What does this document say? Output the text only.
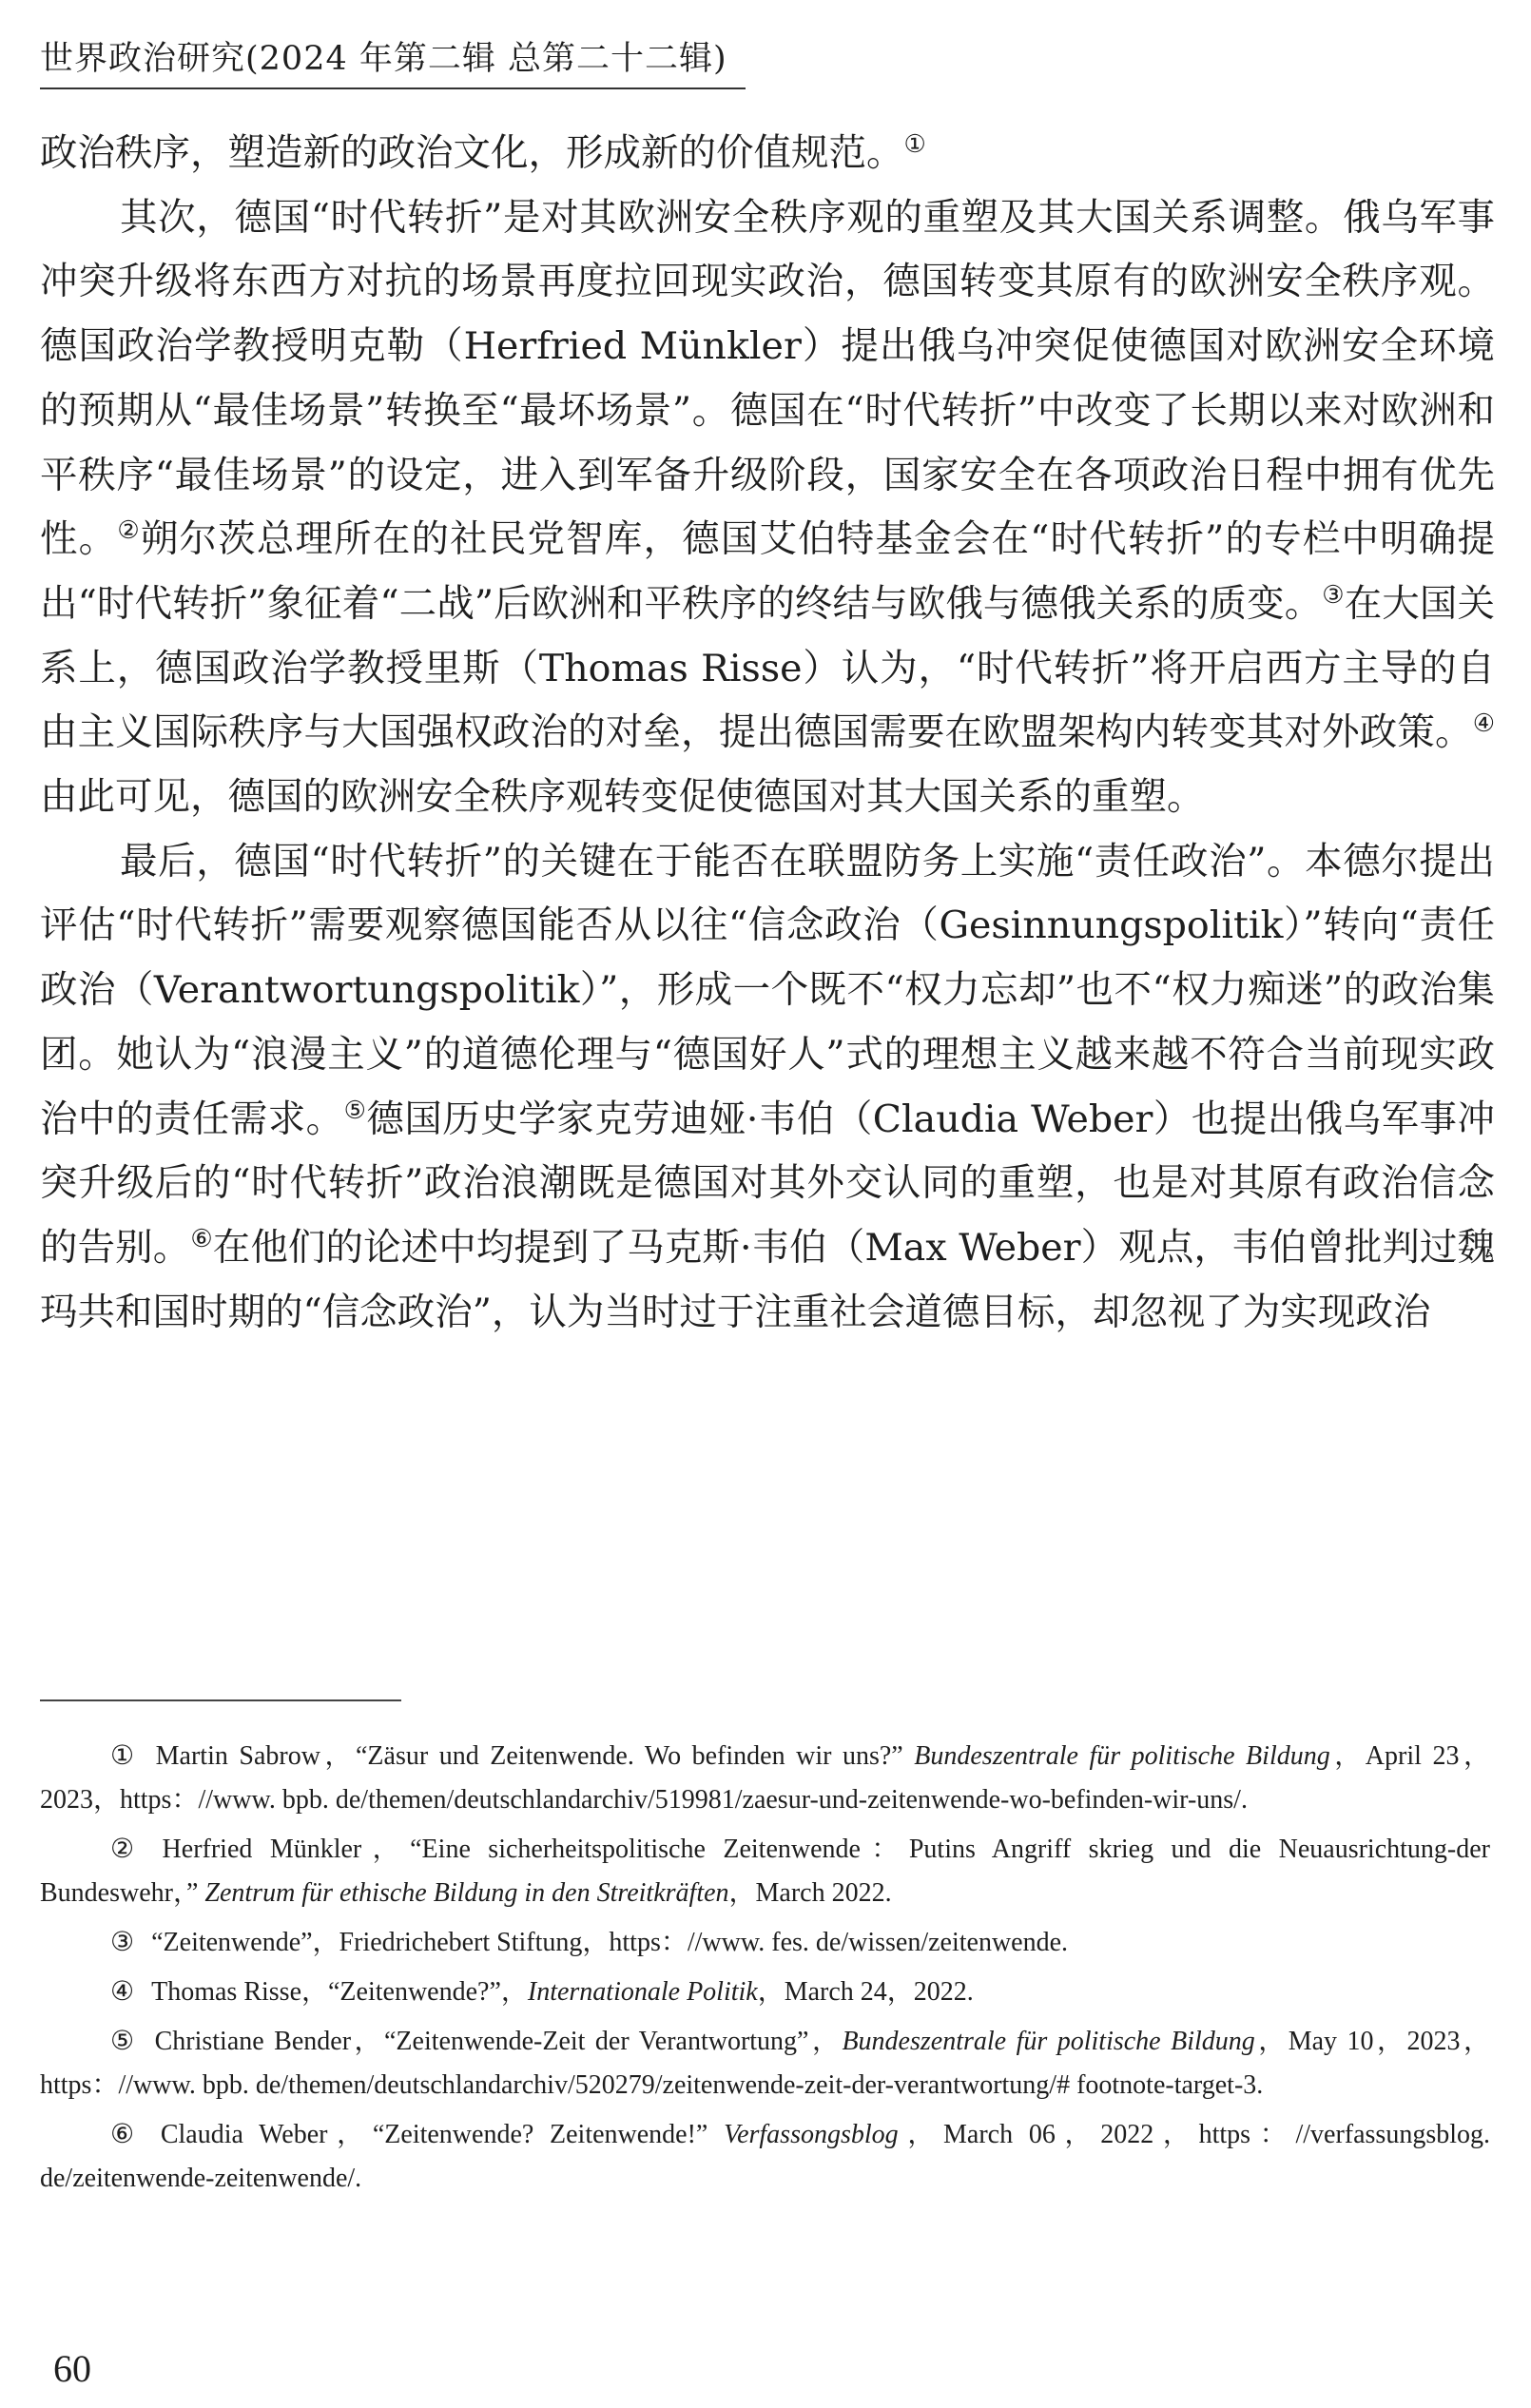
世界政治研究(2024 年第二辑 总第二十二辑)

政治秩序，塑造新的政治文化，形成新的价值规范。①

其次，德国“时代转折”是对其欧洲安全秩序观的重塑及其大国关系调整。俄乌军事冲突升级将东西方对抗的场景再度拉回现实政治，德国转变其原有的欧洲安全秩序观。德国政治学教授明克勒（Herfried Münkler）提出俄乌冲突促使德国对欧洲安全环境的预期从“最佳场景”转换至“最坏场景”。德国在“时代转折”中改变了长期以来对欧洲和平秩序“最佳场景”的设定，进入到军备升级阶段，国家安全在各项政治日程中拥有优先性。②朔尔茨总理所在的社民党智库，德国艾伯特基金会在“时代转折”的专栏中明确提出“时代转折”象征着“二战”后欧洲和平秩序的终结与欧俄与德俄关系的质变。③在大国关系上，德国政治学教授里斯（Thomas Risse）认为，“时代转折”将开启西方主导的自由主义国际秩序与大国强权政治的对垒，提出德国需要在欧盟架构内转变其对外政策。④由此可见，德国的欧洲安全秩序观转变促使德国对其大国关系的重塑。

最后，德国“时代转折”的关键在于能否在联盟防务上实施“责任政治”。本德尔提出评估“时代转折”需要观察德国能否从以往“信念政治（Gesinnungspolitik）”转向“责任政治（Verantwortungspolitik）”，形成一个既不“权力忘却”也不“权力痴迷”的政治集团。她认为“浪漫主义”的道德伦理与“德国好人”式的理想主义越来越不符合当前现实政治中的责任需求。⑤德国历史学家克劳迪娅·韦伯（Claudia Weber）也提出俄乌军事冲突升级后的“时代转折”政治浪潮既是德国对其外交认同的重塑，也是对其原有政治信念的告别。⑥在他们的论述中均提到了马克斯·韦伯（Max Weber）观点，韦伯曾批判过魏玛共和国时期的“信念政治”，认为当时过于注重社会道德目标，却忽视了为实现政治

① Martin Sabrow，“Zäsur und Zeitenwende. Wo befinden wir uns?” Bundeszentrale für politische Bildung，April 23，2023，https：//www. bpb. de/themen/deutschlandarchiv/519981/zaesur-und-zeitenwende-wo-befinden-wir-uns/.
② Herfried Münkler，“Eine sicherheitspolitische Zeitenwende：Putins Angriff skrieg und die Neuausrichtung-der Bundeswehr，” Zentrum für ethische Bildung in den Streitkräften，March 2022.
③ “Zeitenwende”，Friedrichebert Stiftung，https：//www. fes. de/wissen/zeitenwende.
④ Thomas Risse，“Zeitenwende?”，Internationale Politik，March 24，2022.
⑤ Christiane Bender，“Zeitenwende-Zeit der Verantwortung”，Bundeszentrale für politische Bildung，May 10，2023，https：//www. bpb. de/themen/deutschlandarchiv/520279/zeitenwende-zeit-der-verantwortung/# footnote-target-3.
⑥ Claudia Weber，“Zeitenwende? Zeitenwende!” Verfassongsblog，March 06，2022，https：//verfassungsblog. de/zeitenwende-zeitenwende/.
60
